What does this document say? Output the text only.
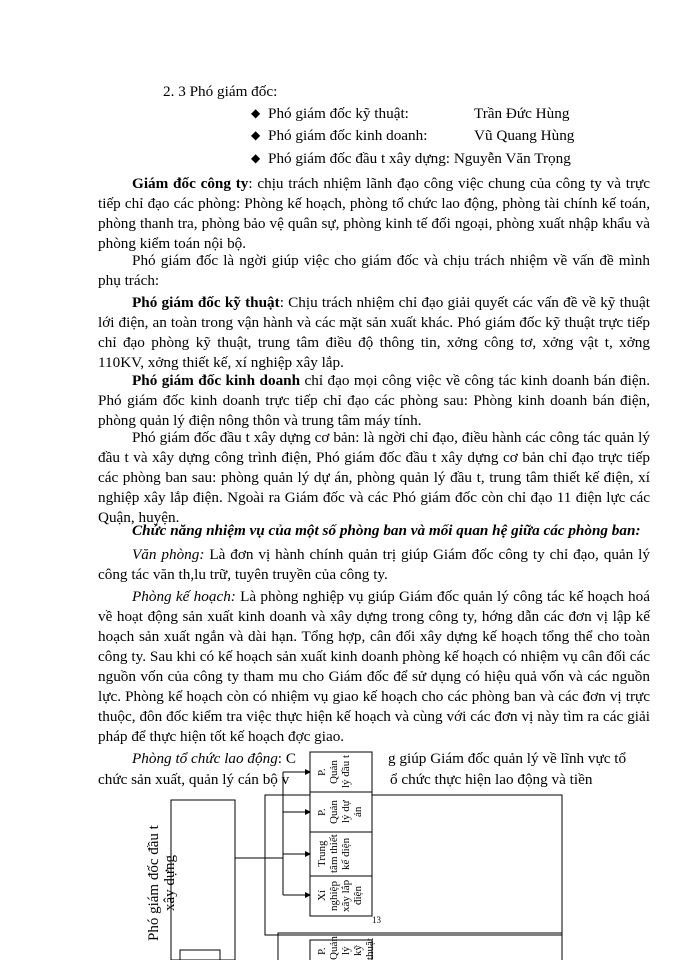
2. 3 Phó giám đốc:
◆ Phó giám đốc kỹ thuật:	Trần Đức Hùng
◆ Phó giám đốc kinh doanh:	Vũ Quang Hùng
◆ Phó giám đốc đầu t xây dựng: Nguyễn Văn Trọng

Giám đốc công ty: chịu trách nhiệm lãnh đạo công việc chung của công ty và trực tiếp chỉ đạo các phòng: Phòng kế hoạch, phòng tổ chức lao động, phòng tài chính kế toán, phòng thanh tra, phòng bảo vệ quân sự, phòng kinh tế đối ngoại, phòng xuất nhập khẩu và phòng kiểm toán nội bộ.

Phó giám đốc là ngời giúp việc cho giám đốc và chịu trách nhiệm về vấn đề mình phụ trách:

Phó giám đốc kỹ thuật: Chịu trách nhiệm chỉ đạo giải quyết các vấn đề về kỹ thuật lới điện, an toàn trong vận hành và các mặt sản xuất khác. Phó giám đốc kỹ thuật trực tiếp chỉ đạo phòng kỹ thuật, trung tâm điều độ thông tin, xởng công tơ, xởng vật t, xởng 110KV, xởng thiết kế, xí nghiệp xây lắp.

Phó giám đốc kinh doanh chỉ đạo mọi công việc về công tác kinh doanh bán điện. Phó giám đốc kinh doanh trực tiếp chỉ đạo các phòng sau: Phòng kinh doanh bán điện, phòng quản lý điện nông thôn và trung tâm máy tính.

Phó giám đốc đầu t xây dựng cơ bản: là ngời chỉ đạo, điều hành các công tác quản lý đầu t và xây dựng công trình điện, Phó giám đốc đầu t xây dựng cơ bản chỉ đạo trực tiếp các phòng ban sau: phòng quản lý dự án, phòng quản lý đầu t, trung tâm thiết kế điện, xí nghiệp xây lắp điện. Ngoài ra Giám đốc và các Phó giám đốc còn chỉ đạo 11 điện lực các Quận, huyện.

Chức năng nhiệm vụ của một số phòng ban và mối quan hệ giữa các phòng ban:

Văn phòng: Là đơn vị hành chính quản trị giúp Giám đốc công ty chỉ đạo, quản lý công tác văn th,lu trữ, tuyên truyền của công ty.

Phòng kế hoạch: Là phòng nghiệp vụ giúp Giám đốc quản lý công tác kế hoạch hoá về hoạt động sản xuất kinh doanh và xây dựng trong công ty, hớng dẫn các đơn vị lập kế hoạch sản xuất ngắn và dài hạn. Tổng hợp, cân đối xây dựng kế hoạch tổng thể cho toàn công ty. Sau khi có kế hoạch sản xuất kinh doanh phòng kế hoạch có nhiệm vụ cân đối các nguồn vốn của công ty tham mu cho Giám đốc để sử dụng có hiệu quả vốn và các nguồn lực. Phòng kế hoạch còn có nhiệm vụ giao kế hoạch cho các phòng ban và các đơn vị trực thuộc, đôn đốc kiểm tra việc thực hiện kế hoạch và cùng với các đơn vị này tìm ra các giải pháp để thực hiện tốt kế hoạch đợc giao.

Phòng tổ chức lao động: C	g giúp Giám đốc quản lý về lĩnh vực tổ
chức sản xuất, quản lý cán bộ v	ổ chức thực hiện lao động và tiền
Phó giám đốc đầu t xây dựng
P. Quản lý đầu t
P. Quản lý dự án
Trung tâm thiết kế điện
Xí nghiệp xây lắp điện
P. Quản lý kỹ thuật
13
